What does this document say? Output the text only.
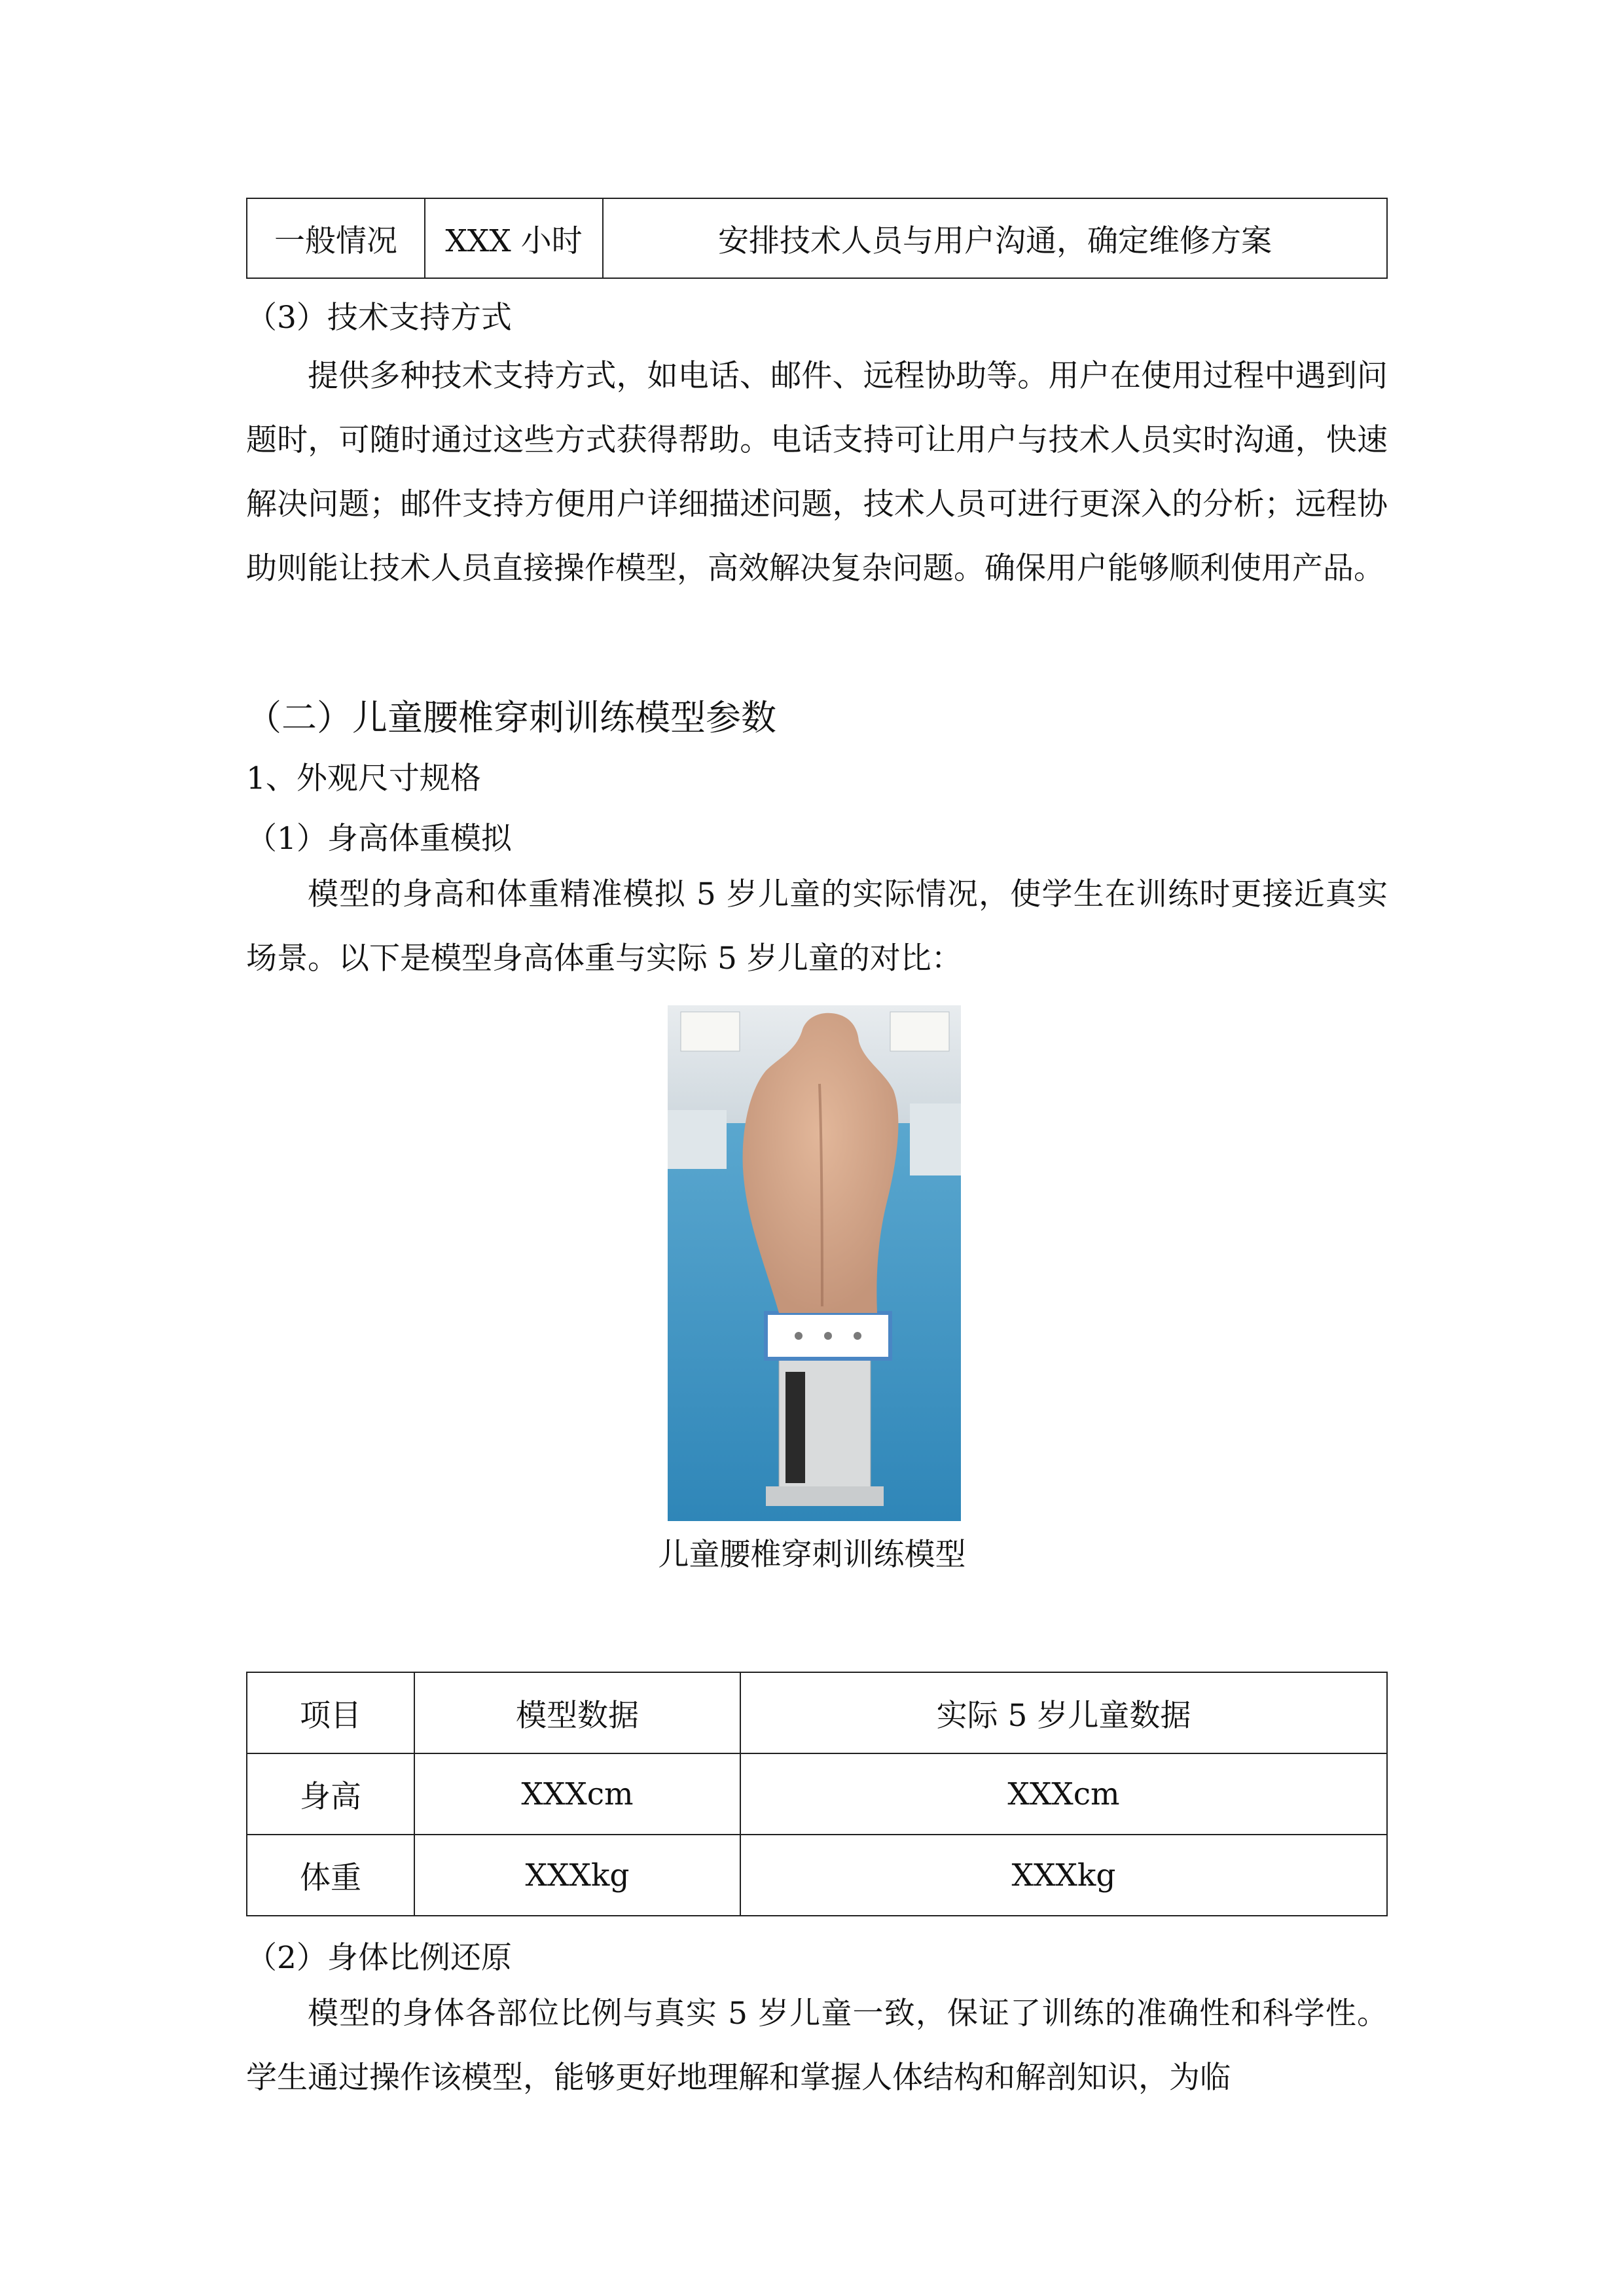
一般情况	XXX 小时	安排技术人员与用户沟通，确定维修方案
（3）技术支持方式
提供多种技术支持方式，如电话、邮件、远程协助等。用户在使用过程中遇到问题时，可随时通过这些方式获得帮助。电话支持可让用户与技术人员实时沟通，快速解决问题；邮件支持方便用户详细描述问题，技术人员可进行更深入的分析；远程协助则能让技术人员直接操作模型，高效解决复杂问题。确保用户能够顺利使用产品。
（二）儿童腰椎穿刺训练模型参数
1、外观尺寸规格
（1）身高体重模拟
模型的身高和体重精准模拟 5 岁儿童的实际情况，使学生在训练时更接近真实场景。以下是模型身高体重与实际 5 岁儿童的对比：
儿童腰椎穿刺训练模型
项目	模型数据	实际 5 岁儿童数据
身高	XXXcm	XXXcm
体重	XXXkg	XXXkg
（2）身体比例还原
模型的身体各部位比例与真实 5 岁儿童一致，保证了训练的准确性和科学性。学生通过操作该模型，能够更好地理解和掌握人体结构和解剖知识，为临
